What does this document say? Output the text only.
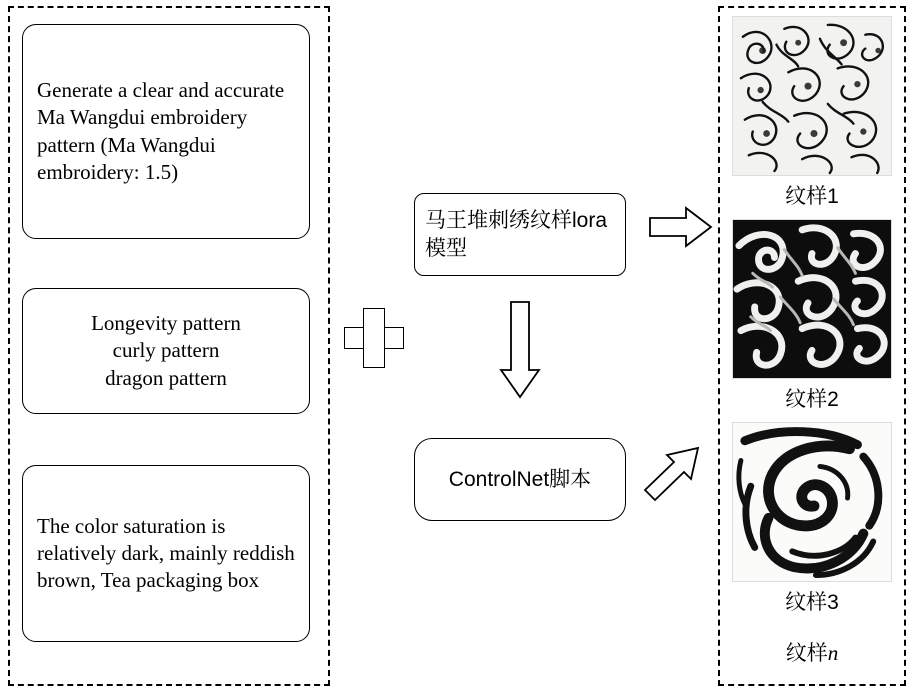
Generate a clear and accurate Ma Wangdui embroidery pattern (Ma Wangdui embroidery: 1.5)
Longevity pattern
curly pattern
dragon pattern
The color saturation is relatively dark, mainly reddish brown, Tea packaging box
马王堆刺绣纹样lora模型
ControlNet脚本
纹样1
纹样2
纹样3
纹样n
